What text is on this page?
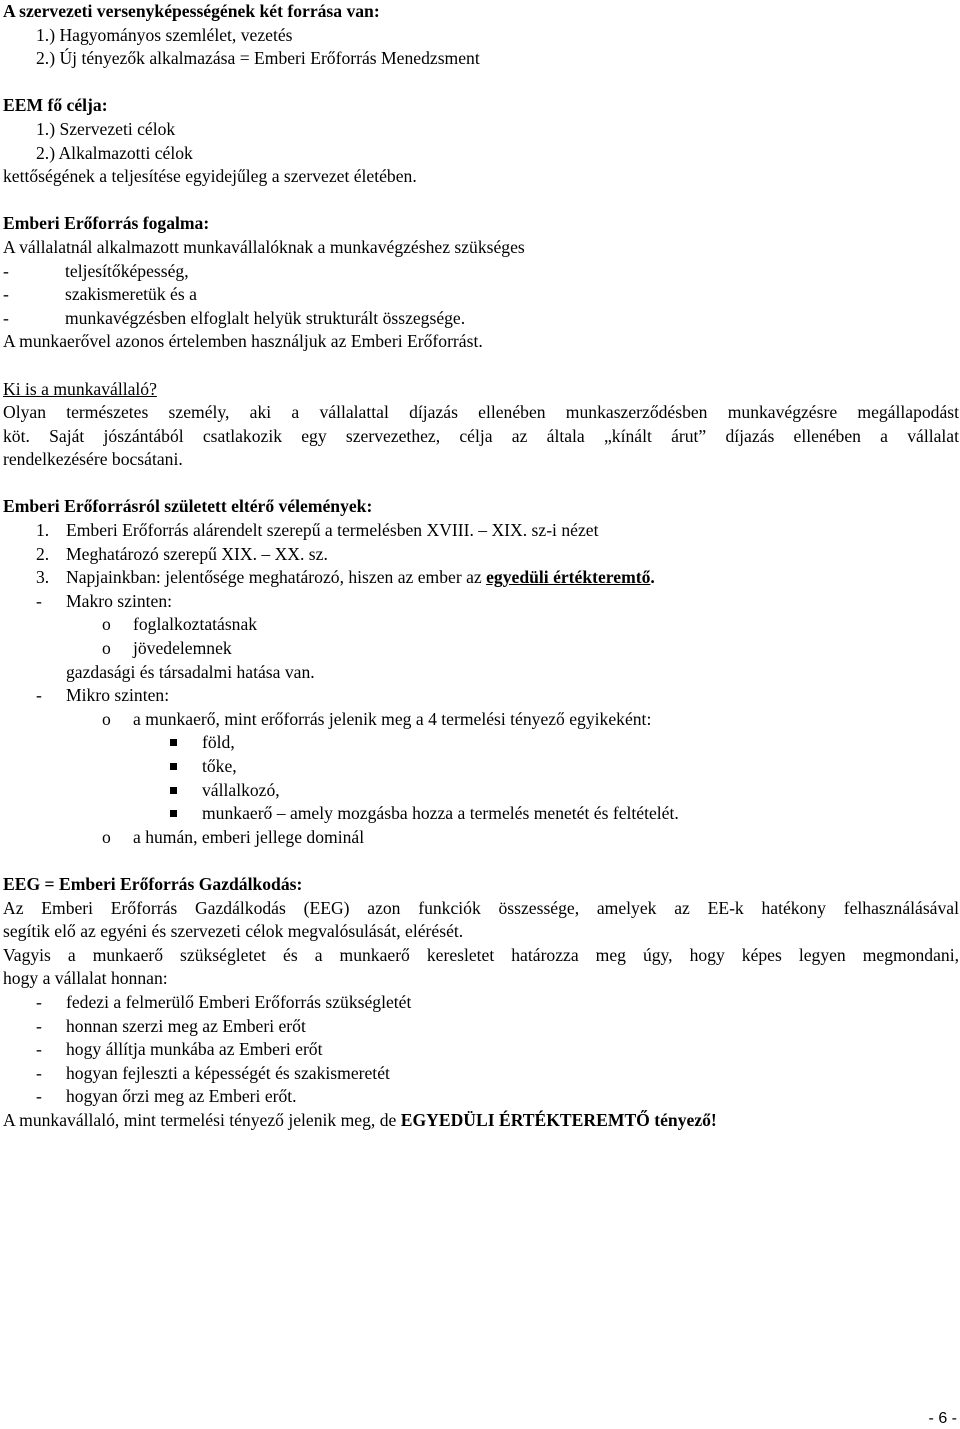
A szervezeti versenyképességének két forrása van:
1.) Hagyományos szemlélet, vezetés
2.) Új tényezők alkalmazása = Emberi Erőforrás Menedzsment
EEM fő célja:
1.) Szervezeti célok
2.) Alkalmazotti célok
kettőségének a teljesítése egyidejűleg a szervezet életében.
Emberi Erőforrás fogalma:
A vállalatnál alkalmazott munkavállalóknak a munkavégzéshez szükséges
-	teljesítőképesség,
-	szakismeretük és a
-	munkavégzésben elfoglalt helyük strukturált összegsége.
A munkaerővel azonos értelemben használjuk az Emberi Erőforrást.
Ki is a munkavállaló?
Olyan természetes személy, aki a vállalattal díjazás ellenében munkaszerződésben munkavégzésre megállapodást
köt. Saját jószántából csatlakozik egy szervezethez, célja az általa „kínált árut” díjazás ellenében a vállalat
rendelkezésére bocsátani.
Emberi Erőforrásról született eltérő vélemények:
1. Emberi Erőforrás alárendelt szerepű a termelésben XVIII. – XIX. sz-i nézet
2. Meghatározó szerepű XIX. – XX. sz.
3. Napjainkban: jelentősége meghatározó, hiszen az ember az egyedüli értékteremtő.
- Makro szinten:
o foglalkoztatásnak
o jövedelemnek
gazdasági és társadalmi hatása van.
- Mikro szinten:
o a munkaerő, mint erőforrás jelenik meg a 4 termelési tényező egyikeként:
föld,
tőke,
vállalkozó,
munkaerő – amely mozgásba hozza a termelés menetét és feltételét.
o a humán, emberi jellege dominál
EEG = Emberi Erőforrás Gazdálkodás:
Az Emberi Erőforrás Gazdálkodás (EEG) azon funkciók összessége, amelyek az EE-k hatékony felhasználásával
segítik elő az egyéni és szervezeti célok megvalósulását, elérését.
Vagyis a munkaerő szükségletet és a munkaerő keresletet határozza meg úgy, hogy képes legyen megmondani,
hogy a vállalat honnan:
- fedezi a felmerülő Emberi Erőforrás szükségletét
- honnan szerzi meg az Emberi erőt
- hogy állítja munkába az Emberi erőt
- hogyan fejleszti a képességét és szakismeretét
- hogyan őrzi meg az Emberi erőt.
A munkavállaló, mint termelési tényező jelenik meg, de EGYEDÜLI ÉRTÉKTEREMTŐ tényező!
- 6 -
